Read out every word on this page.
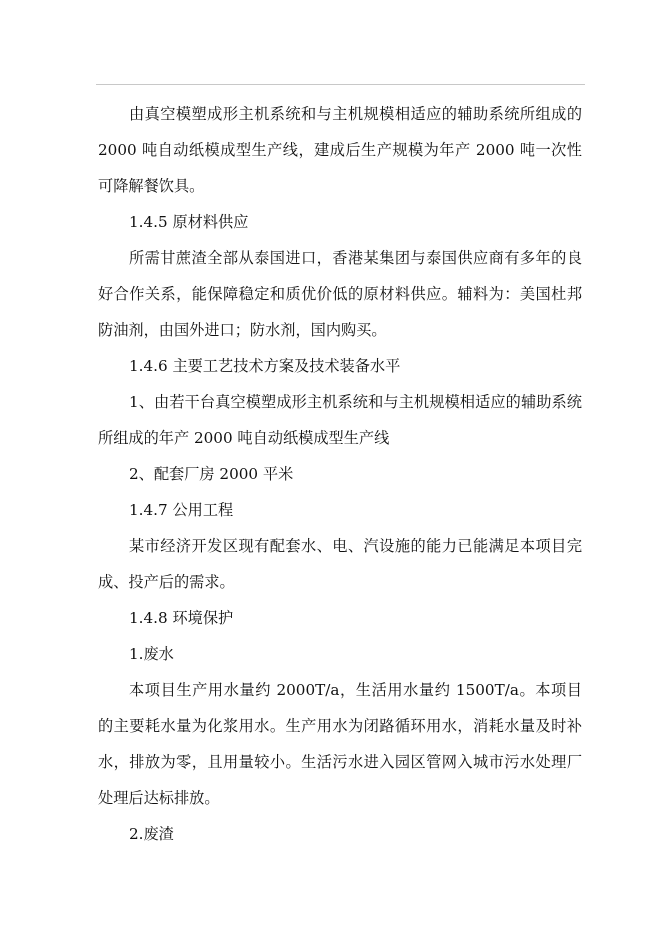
由真空模塑成形主机系统和与主机规模相适应的辅助系统所组成的 2000 吨自动纸模成型生产线，建成后生产规模为年产 2000 吨一次性可降解餐饮具。

1.4.5 原材料供应

所需甘蔗渣全部从泰国进口，香港某集团与泰国供应商有多年的良好合作关系，能保障稳定和质优价低的原材料供应。辅料为：美国杜邦防油剂，由国外进口；防水剂，国内购买。

1.4.6 主要工艺技术方案及技术装备水平

1、由若干台真空模塑成形主机系统和与主机规模相适应的辅助系统所组成的年产 2000 吨自动纸模成型生产线

2、配套厂房 2000 平米

1.4.7 公用工程

某市经济开发区现有配套水、电、汽设施的能力已能满足本项目完成、投产后的需求。

1.4.8 环境保护

1.废水

本项目生产用水量约 2000T/a，生活用水量约 1500T/a。本项目的主要耗水量为化浆用水。生产用水为闭路循环用水，消耗水量及时补水，排放为零，且用量较小。生活污水进入园区管网入城市污水处理厂处理后达标排放。

2.废渣
